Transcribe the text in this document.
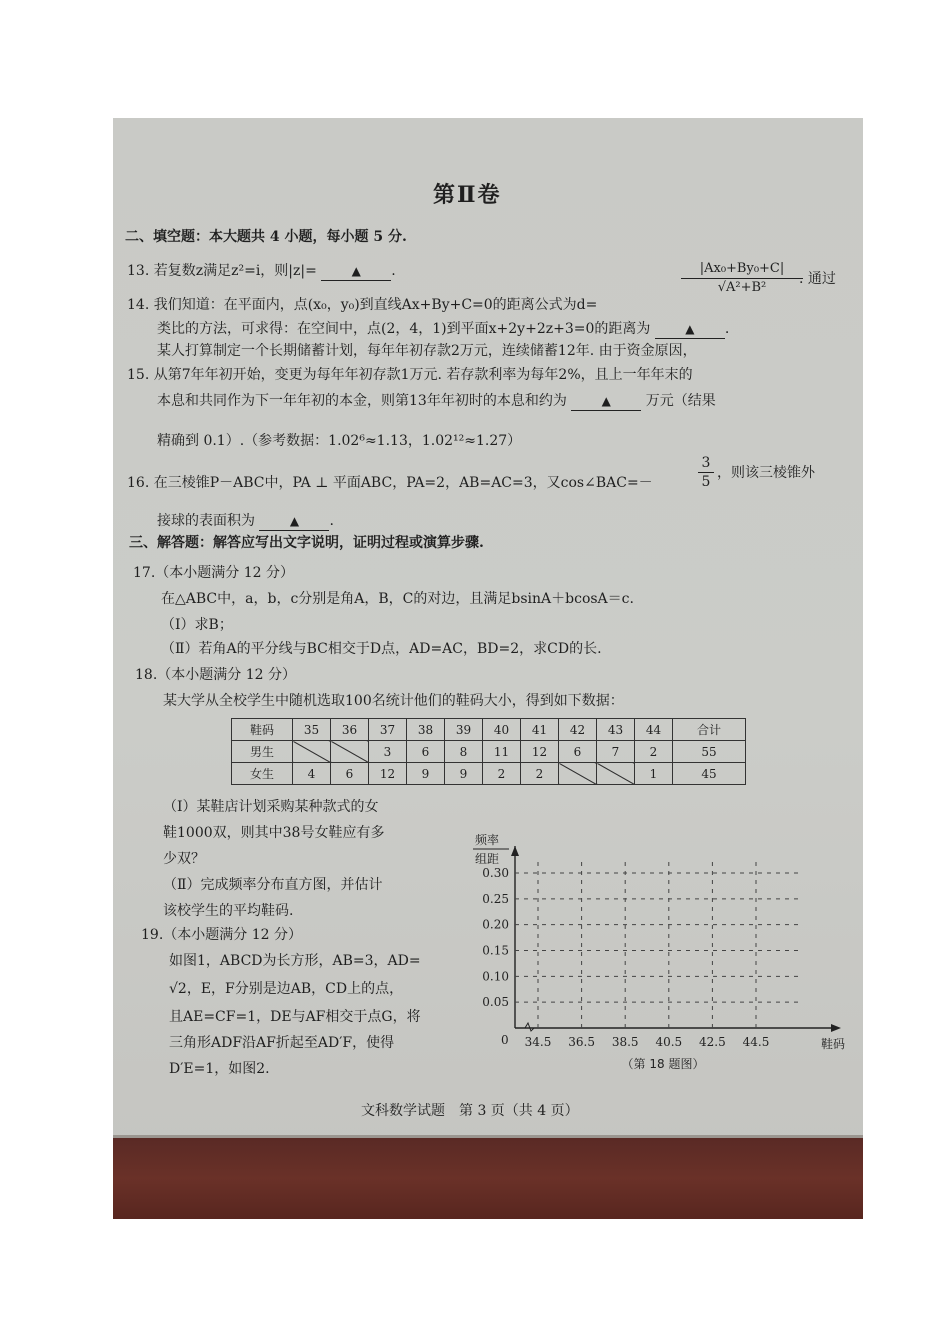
第Ⅱ卷
二、填空题：本大题共 4 小题，每小题 5 分.
13. 若复数z满足z²=i，则|z|=	▲ .
14. 我们知道：在平面内，点(x₀，y₀)到直线Ax+By+C=0的距离公式为d=
$\frac{\text{|Ax₀+By₀+C|}}{\text{√A²+B²}}$
. 通过
类比的方法，可求得：在空间中，点(2，4，1)到平面x+2y+2z+3=0的距离为	▲ .
某人打算制定一个长期储蓄计划，每年年初存款2万元，连续储蓄12年. 由于资金原因，
15. 从第7年年初开始，变更为每年年初存款1万元. 若存款利率为每年2%，且上一年年末的
本息和共同作为下一年年初的本金，则第13年年初时的本息和约为	▲ 万元（结果
精确到 0.1）.（参考数据：1.02⁶≈1.13，1.02¹²≈1.27）
16. 在三棱锥P－ABC中，PA ⊥ 平面ABC，PA=2，AB=AC=3，又cos∠BAC=－	$\frac{3}{5}$ ，则该三棱锥外
接球的表面积为	▲ .
三、解答题：解答应写出文字说明，证明过程或演算步骤.
17.（本小题满分 12 分）
在△ABC中，a，b，c分别是角A，B，C的对边，且满足bsinA＋bcosA＝c.
（Ⅰ）求B；
（Ⅱ）若角A的平分线与BC相交于D点，AD=AC，BD=2，求CD的长.
18.（本小题满分 12 分）
某大学从全校学生中随机选取100名统计他们的鞋码大小，得到如下数据：
鞋码	35	36	37	38	39	40	41	42	43	44	合计
男生			3	6	8	11	12	6	7	2	55
女生	4	6	12	9	9	2	2			1	45
（Ⅰ）某鞋店计划采购某种款式的女
鞋1000双，则其中38号女鞋应有多
少双？
（Ⅱ）完成频率分布直方图，并估计
该校学生的平均鞋码.
19.（本小题满分 12 分）
如图1，ABCD为长方形，AB=3，AD=
√2，E，F分别是边AB，CD上的点，
且AE=CF=1，DE与AF相交于点G，将
三角形ADF沿AF折起至AD′F，使得
D′E=1，如图2.
0.05
0.10
0.15
0.20
0.25
0.30
34.5 36.5 38.5 40.5 42.5 44.5
0
频率
组距
鞋码
（第 18 题图）
文科数学试题　第 3 页（共 4 页）
